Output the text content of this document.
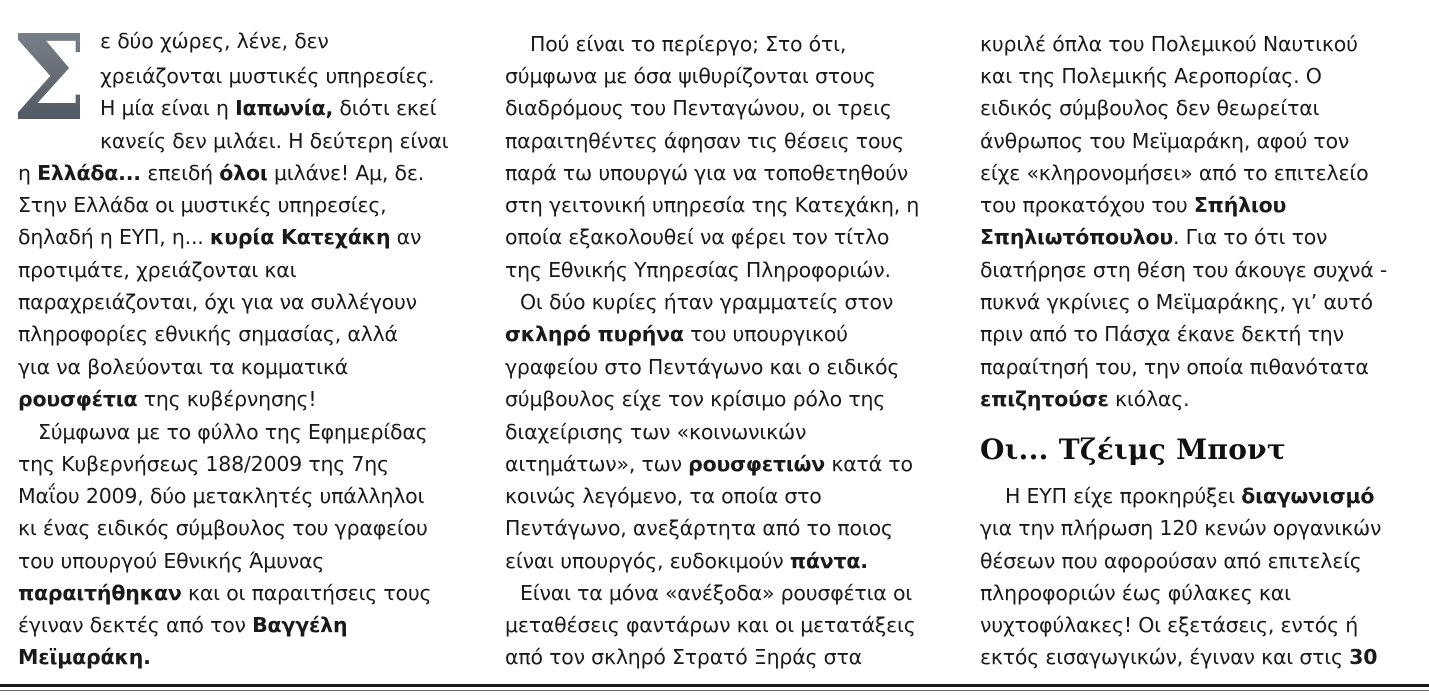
Σ ε δύο χώρες, λένε, δεν
χρειάζονται μυστικές υπηρεσίες.
Η μία είναι η Ιαπωνία, διότι εκεί
κανείς δεν μιλάει. Η δεύτερη είναι
η Ελλάδα... επειδή όλοι μιλάνε! Αμ, δε.
Στην Ελλάδα οι μυστικές υπηρεσίες,
δηλαδή η ΕΥΠ, η... κυρία Κατεχάκη αν
προτιμάτε, χρειάζονται και
παραχρειάζονται, όχι για να συλλέγουν
πληροφορίες εθνικής σημασίας, αλλά
για να βολεύονται τα κομματικά
ρουσφέτια της κυβέρνησης!
Σύμφωνα με το φύλλο της Εφημερίδας
της Κυβερνήσεως 188/2009 της 7ης
Μαΐου 2009, δύο μετακλητές υπάλληλοι
κι ένας ειδικός σύμβουλος του γραφείου
του υπουργού Εθνικής Άμυνας
παραιτήθηκαν και οι παραιτήσεις τους
έγιναν δεκτές από τον Βαγγέλη
Μεϊμαράκη.
Πού είναι το περίεργο; Στο ότι,
σύμφωνα με όσα ψιθυρίζονται στους
διαδρόμους του Πενταγώνου, οι τρεις
παραιτηθέντες άφησαν τις θέσεις τους
παρά τω υπουργώ για να τοποθετηθούν
στη γειτονική υπηρεσία της Κατεχάκη, η
οποία εξακολουθεί να φέρει τον τίτλο
της Εθνικής Υπηρεσίας Πληροφοριών.
Οι δύο κυρίες ήταν γραμματείς στον
σκληρό πυρήνα του υπουργικού
γραφείου στο Πεντάγωνο και ο ειδικός
σύμβουλος είχε τον κρίσιμο ρόλο της
διαχείρισης των «κοινωνικών
αιτημάτων», των ρουσφετιών κατά το
κοινώς λεγόμενο, τα οποία στο
Πεντάγωνο, ανεξάρτητα από το ποιος
είναι υπουργός, ευδοκιμούν πάντα.
Είναι τα μόνα «ανέξοδα» ρουσφέτια οι
μεταθέσεις φαντάρων και οι μετατάξεις
από τον σκληρό Στρατό Ξηράς στα
Οι... Τζέιμς Μποντ
κυριλέ όπλα του Πολεμικού Ναυτικού
και της Πολεμικής Αεροπορίας. Ο
ειδικός σύμβουλος δεν θεωρείται
άνθρωπος του Μεϊμαράκη, αφού τον
είχε «κληρονομήσει» από το επιτελείο
του προκατόχου του Σπήλιου
Σπηλιωτόπουλου. Για το ότι τον
διατήρησε στη θέση του άκουγε συχνά -
πυκνά γκρίνιες ο Μεϊμαράκης, γι’ αυτό
πριν από το Πάσχα έκανε δεκτή την
παραίτησή του, την οποία πιθανότατα
επιζητούσε κιόλας.
Η ΕΥΠ είχε προκηρύξει διαγωνισμό
για την πλήρωση 120 κενών οργανικών
θέσεων που αφορούσαν από επιτελείς
πληροφοριών έως φύλακες και
νυχτοφύλακες! Οι εξετάσεις, εντός ή
εκτός εισαγωγικών, έγιναν και στις 30
